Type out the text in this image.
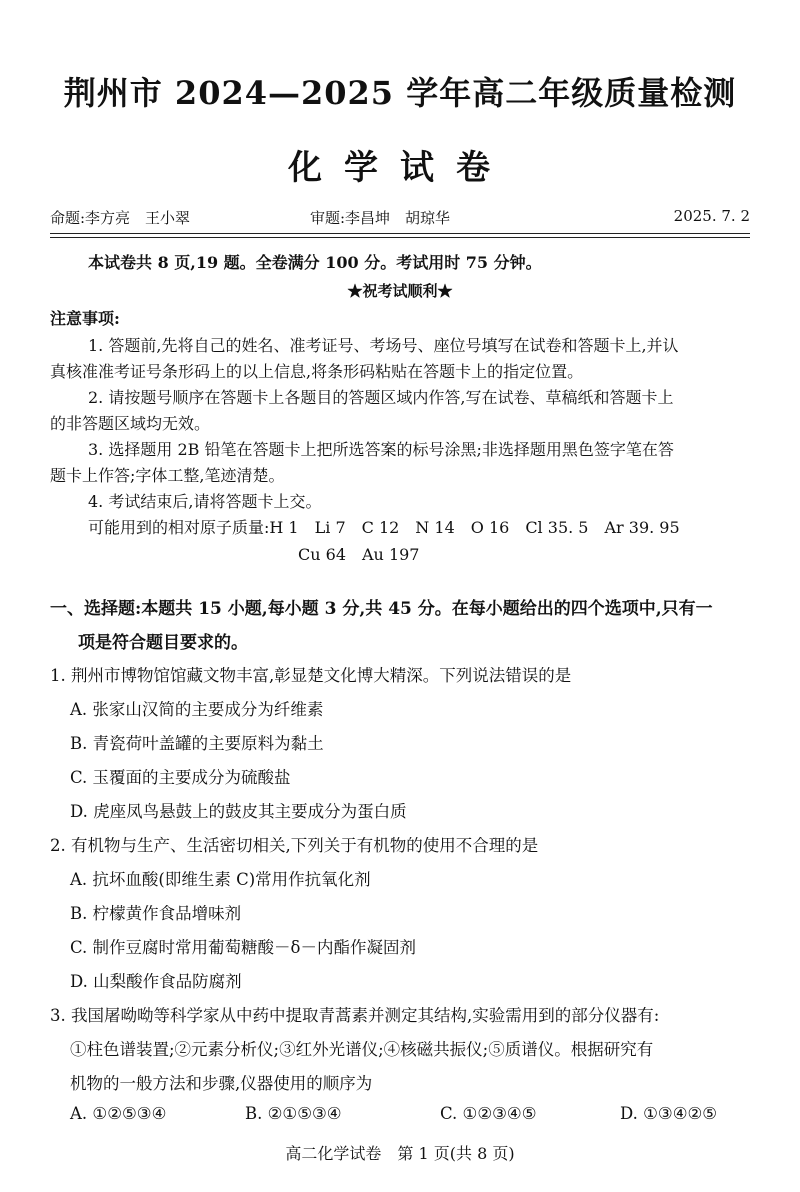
荆州市 2024—2025 学年高二年级质量检测
化学试卷
命题:李方亮　王小翠	审题:李昌坤　胡琼华	2025. 7. 2
本试卷共 8 页,19 题。全卷满分 100 分。考试用时 75 分钟。
★祝考试顺利★
注意事项:
1. 答题前,先将自己的姓名、准考证号、考场号、座位号填写在试卷和答题卡上,并认
真核准准考证号条形码上的以上信息,将条形码粘贴在答题卡上的指定位置。
2. 请按题号顺序在答题卡上各题目的答题区域内作答,写在试卷、草稿纸和答题卡上
的非答题区域均无效。
3. 选择题用 2B 铅笔在答题卡上把所选答案的标号涂黑;非选择题用黑色签字笔在答
题卡上作答;字体工整,笔迹清楚。
4. 考试结束后,请将答题卡上交。
可能用到的相对原子质量:H 1　Li 7　C 12　N 14　O 16　Cl 35. 5　Ar 39. 95
Cu 64　Au 197
一、选择题:本题共 15 小题,每小题 3 分,共 45 分。在每小题给出的四个选项中,只有一
项是符合题目要求的。
1. 荆州市博物馆馆藏文物丰富,彰显楚文化博大精深。下列说法错误的是
A. 张家山汉简的主要成分为纤维素
B. 青瓷荷叶盖罐的主要原料为黏土
C. 玉覆面的主要成分为硫酸盐
D. 虎座凤鸟悬鼓上的鼓皮其主要成分为蛋白质
2. 有机物与生产、生活密切相关,下列关于有机物的使用不合理的是
A. 抗坏血酸(即维生素 C)常用作抗氧化剂
B. 柠檬黄作食品增味剂
C. 制作豆腐时常用葡萄糖酸－δ－内酯作凝固剂
D. 山梨酸作食品防腐剂
3. 我国屠呦呦等科学家从中药中提取青蒿素并测定其结构,实验需用到的部分仪器有:
①柱色谱装置;②元素分析仪;③红外光谱仪;④核磁共振仪;⑤质谱仪。根据研究有
机物的一般方法和步骤,仪器使用的顺序为
A. ①②⑤③④	B. ②①⑤③④	C. ①②③④⑤	D. ①③④②⑤
高二化学试卷　第 1 页(共 8 页)
